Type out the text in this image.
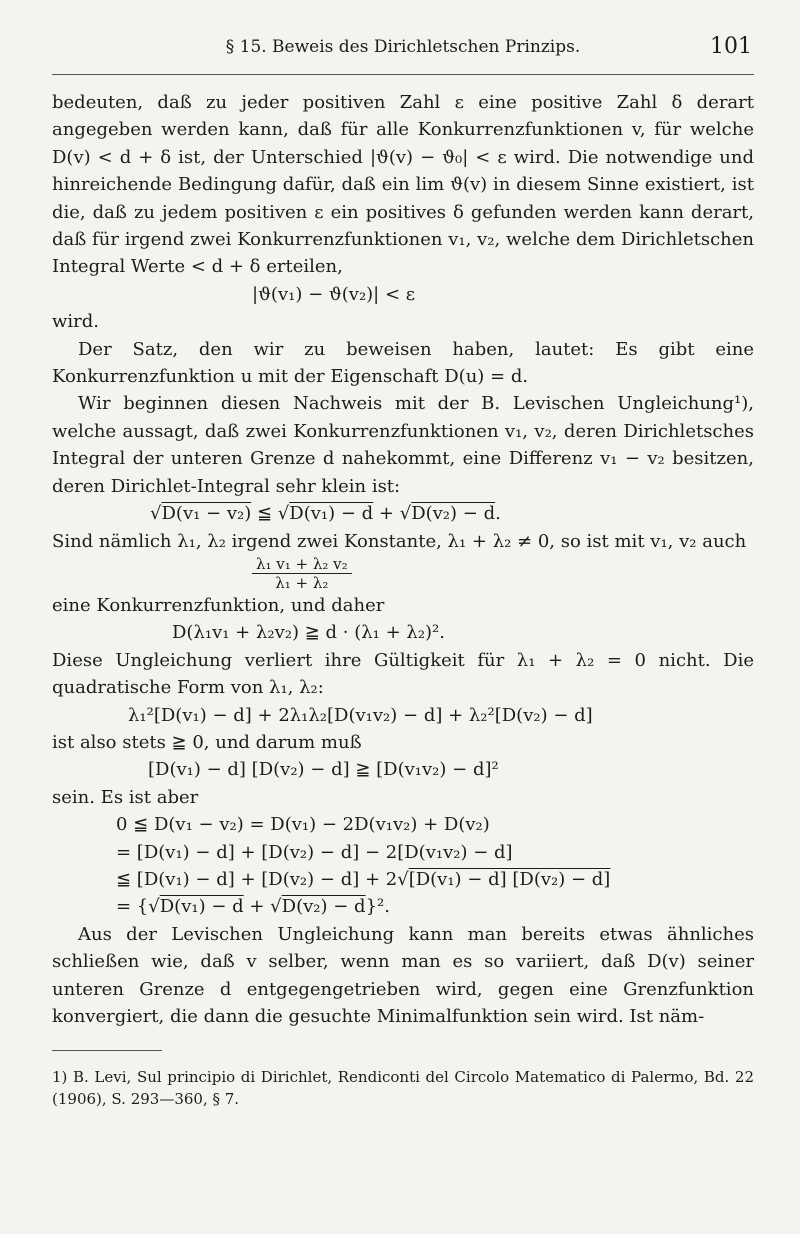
§ 15. Beweis des Dirichletschen Prinzips.	101

bedeuten, daß zu jeder positiven Zahl ε eine positive Zahl δ derart angegeben werden kann, daß für alle Konkurrenzfunktionen v, für welche D(v) < d + δ ist, der Unterschied |ϑ(v) − ϑ₀| < ε wird. Die notwendige und hinreichende Bedingung dafür, daß ein lim ϑ(v) in diesem Sinne existiert, ist die, daß zu jedem positiven ε ein positives δ gefunden werden kann derart, daß für irgend zwei Konkurrenzfunktionen v₁, v₂, welche dem Dirichletschen Integral Werte < d + δ erteilen,

|ϑ(v₁) − ϑ(v₂)| < ε

wird.

Der Satz, den wir zu beweisen haben, lautet: Es gibt eine Konkurrenzfunktion u mit der Eigenschaft D(u) = d.

Wir beginnen diesen Nachweis mit der B. Levischen Ungleichung¹), welche aussagt, daß zwei Konkurrenzfunktionen v₁, v₂, deren Dirichletsches Integral der unteren Grenze d nahekommt, eine Differenz v₁ − v₂ besitzen, deren Dirichlet-Integral sehr klein ist:

√D(v₁ − v₂) ≦ √D(v₁) − d + √D(v₂) − d.

Sind nämlich λ₁, λ₂ irgend zwei Konstante, λ₁ + λ₂ ≠ 0, so ist mit v₁, v₂ auch

$\frac{\text{λ₁ v₁ + λ₂ v₂}}{\text{λ₁ + λ₂}}$

eine Konkurrenzfunktion, und daher

D(λ₁v₁ + λ₂v₂) ≧ d · (λ₁ + λ₂)².

Diese Ungleichung verliert ihre Gültigkeit für λ₁ + λ₂ = 0 nicht. Die quadratische Form von λ₁, λ₂:

λ₁²[D(v₁) − d] + 2λ₁λ₂[D(v₁v₂) − d] + λ₂²[D(v₂) − d]

ist also stets ≧ 0, und darum muß

[D(v₁) − d] [D(v₂) − d] ≧ [D(v₁v₂) − d]²

sein. Es ist aber

0 ≦ D(v₁ − v₂) = D(v₁) − 2D(v₁v₂) + D(v₂)

= [D(v₁) − d] + [D(v₂) − d] − 2[D(v₁v₂) − d]

≦ [D(v₁) − d] + [D(v₂) − d] + 2√[D(v₁) − d] [D(v₂) − d]

= {√D(v₁) − d + √D(v₂) − d}².

Aus der Levischen Ungleichung kann man bereits etwas ähnliches schließen wie, daß v selber, wenn man es so variiert, daß D(v) seiner unteren Grenze d entgegengetrieben wird, gegen eine Grenzfunktion konvergiert, die dann die gesuchte Minimalfunktion sein wird. Ist näm-

1) B. Levi, Sul principio di Dirichlet, Rendiconti del Circolo Matematico di Palermo, Bd. 22 (1906), S. 293—360, § 7.
